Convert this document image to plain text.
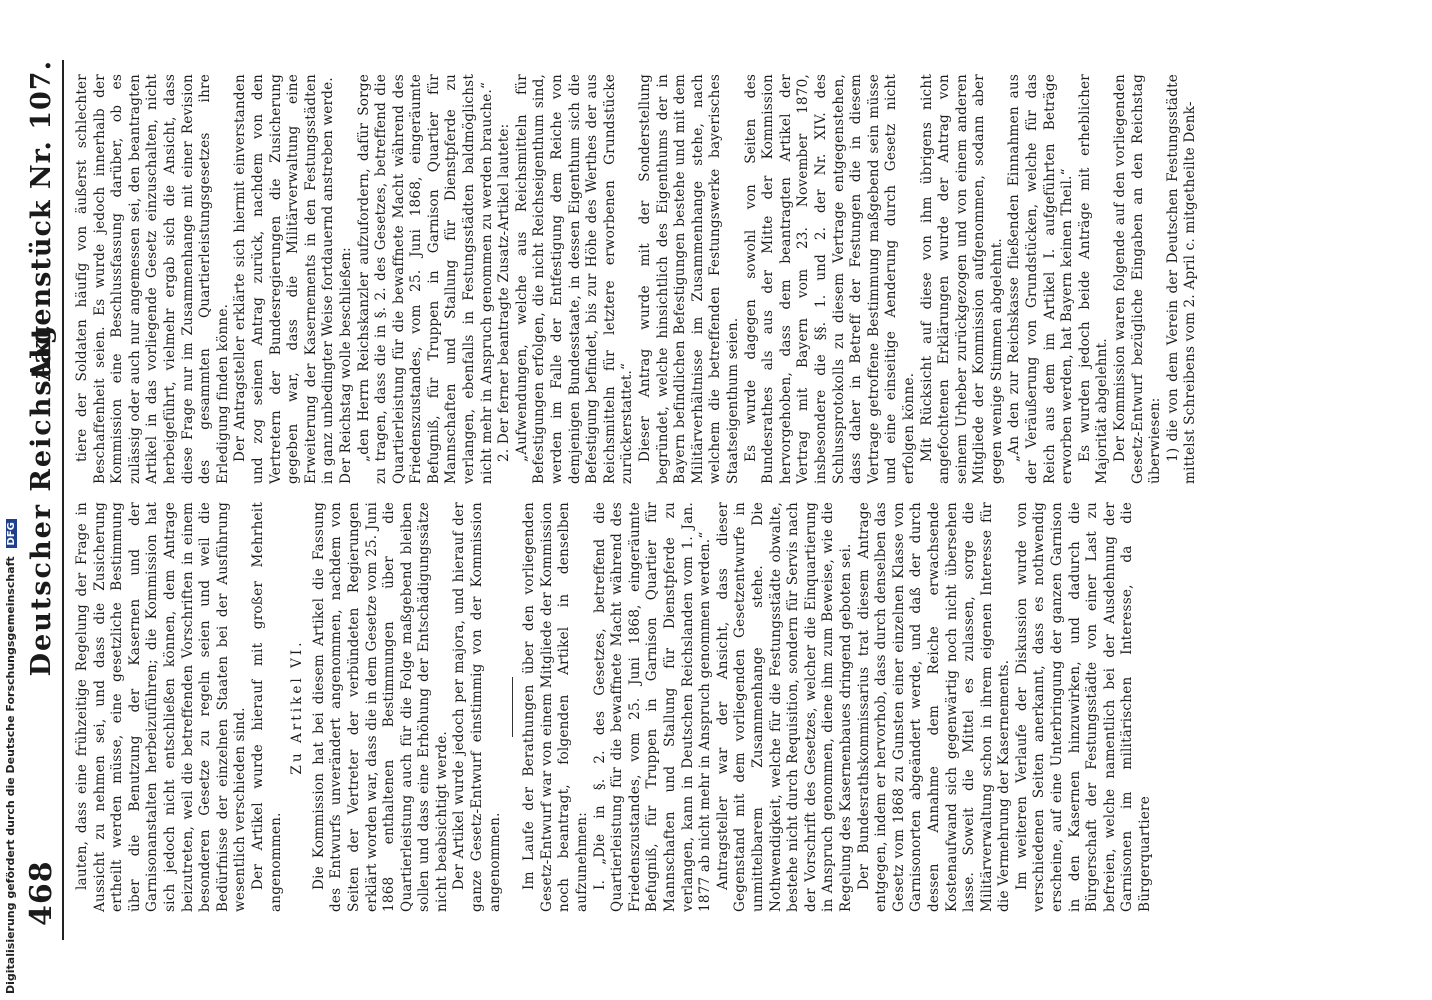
468
Deutscher Reichstag
Aktenstück Nr. 107.

lauten, dass eine frühzeitige Regelung der Frage in Aussicht zu nehmen sei, und dass die Zusicherung ertheilt werden müsse, eine gesetzliche Bestimmung über die Benutzung der Kasernen und der Garnisonanstalten herbeizuführen; die Kommission hat sich jedoch nicht entschließen können, dem Antrage beizutreten, weil die betreffenden Vorschriften in einem besonderen Gesetze zu regeln seien und weil die Bedürfnisse der einzelnen Staaten bei der Ausführung wesentlich verschieden sind. Der Artikel wurde hierauf mit großer Mehrheit angenommen.

Zu Artikel VI. Die Kommission hat bei diesem Artikel die Fassung des Entwurfs unverändert angenommen, nachdem von Seiten der Vertreter der verbündeten Regierungen erklärt worden war, dass die in dem Gesetze vom 25. Juni 1868 enthaltenen Bestimmungen über die Quartierleistung auch für die Folge maßgebend bleiben sollen und dass eine Erhöhung der Entschädigungssätze nicht beabsichtigt werde. Der Artikel wurde jedoch per majora, und hierauf der ganze Gesetz-Entwurf einstimmig von der Kommission angenommen. Im Laufe der Berathungen über den vorliegenden Gesetz-Entwurf war von einem Mitgliede der Kommission noch beantragt, folgenden Artikel in denselben aufzunehmen: I. „Die in §. 2. des Gesetzes, betreffend die Quartierleistung für die bewaffnete Macht während des Friedenszustandes, vom 25. Juni 1868, eingeräumte Befugniß, für Truppen in Garnison Quartier für Mannschaften und Stallung für Dienstpferde zu verlangen, kann in Deutschen Reichslanden vom 1. Jan. 1877 ab nicht mehr in Anspruch genommen werden.“ Antragsteller war der Ansicht, dass dieser Gegenstand mit dem vorliegenden Gesetzentwurfe in unmittelbarem Zusammenhange stehe. Die Nothwendigkeit, welche für die Festungsstädte obwalte, bestehe nicht durch Requisition, sondern für Servis nach der Vorschrift des Gesetzes, welcher die Einquartierung in Anspruch genommen, diene ihm zum Beweise, wie die Regelung des Kasernenbaues dringend geboten sei. Der Bundesrathskommissarius trat diesem Antrage entgegen, indem er hervorhob, dass durch denselben das Gesetz vom 1868 zu Gunsten einer einzelnen Klasse von Garnisonorten abgeändert werde, und daß der durch dessen Annahme dem Reiche erwachsende Kostenaufwand sich gegenwärtig noch nicht übersehen lasse. Soweit die Mittel es zulassen, sorge die Militärverwaltung schon in ihrem eigenen Interesse für die Vermehrung der Kasernements. Im weiteren Verlaufe der Diskussion wurde von verschiedenen Seiten anerkannt, dass es nothwendig erscheine, auf eine Unterbringung der ganzen Garnison in den Kasernen hinzuwirken, und dadurch die Bürgerschaft der Festungsstädte von einer Last zu befreien, welche namentlich bei der Ausdehnung der Garnisonen im militärischen Interesse, da die Bürgerquartiere

tiere der Soldaten häufig von äußerst schlechter Beschaffenheit seien. Es wurde jedoch innerhalb der Kommission eine Beschlussfassung darüber, ob es zulässig oder auch nur angemessen sei, den beantragten Artikel in das vorliegende Gesetz einzuschalten, nicht herbeigeführt, vielmehr ergab sich die Ansicht, dass diese Frage nur im Zusammenhange mit einer Revision des gesammten Quartierleistungsgesetzes ihre Erledigung finden könne. Der Antragsteller erklärte sich hiermit einverstanden und zog seinen Antrag zurück, nachdem von den Vertretern der Bundesregierungen die Zusicherung gegeben war, dass die Militärverwaltung eine Erweiterung der Kasernements in den Festungsstädten in ganz unbedingter Weise fortdauernd anstreben werde. Der Reichstag wolle beschließen: „den Herrn Reichskanzler aufzufordern, dafür Sorge zu tragen, dass die in §. 2. des Gesetzes, betreffend die Quartierleistung für die bewaffnete Macht während des Friedenszustandes, vom 25. Juni 1868, eingeräumte Befugniß, für Truppen in Garnison Quartier für Mannschaften und Stallung für Dienstpferde zu verlangen, ebenfalls in Festungsstädten baldmöglichst nicht mehr in Anspruch genommen zu werden brauche.“ 2. Der ferner beantragte Zusatz-Artikel lautete: „Aufwendungen, welche aus Reichsmitteln für Befestigungen erfolgen, die nicht Reichseigenthum sind, werden im Falle der Entfestigung dem Reiche von demjenigen Bundesstaate, in dessen Eigenthum sich die Befestigung befindet, bis zur Höhe des Werthes der aus Reichsmitteln für letztere erworbenen Grundstücke zurückerstattet.“ Dieser Antrag wurde mit der Sonderstellung begründet, welche hinsichtlich des Eigenthums der in Bayern befindlichen Befestigungen bestehe und mit dem Militärverhältnisse im Zusammenhange stehe, nach welchem die betreffenden Festungswerke bayerisches Staatseigenthum seien. Es wurde dagegen sowohl von Seiten des Bundesrathes als aus der Mitte der Kommission hervorgehoben, dass dem beantragten Artikel der Vertrag mit Bayern vom 23. November 1870, insbesondere die §§. 1. und 2. der Nr. XIV. des Schlussprotokolls zu diesem Vertrage entgegenstehen, dass daher in Betreff der Festungen die in diesem Vertrage getroffene Bestimmung maßgebend sein müsse und eine einseitige Aenderung durch Gesetz nicht erfolgen könne. Mit Rücksicht auf diese von ihm übrigens nicht angefochtenen Erklärungen wurde der Antrag von seinem Urheber zurückgezogen und von einem anderen Mitgliede der Kommission aufgenommen, sodann aber gegen wenige Stimmen abgelehnt. „An den zur Reichskasse fließenden Einnahmen aus der Veräußerung von Grundstücken, welche für das Reich aus dem im Artikel I. aufgeführten Beträge erworben werden, hat Bayern keinen Theil.“ Es wurden jedoch beide Anträge mit erheblicher Majorität abgelehnt. Der Kommission waren folgende auf den vorliegenden Gesetz-Entwurf bezügliche Eingaben an den Reichstag überwiesen: 1) die von dem Verein der Deutschen Festungsstädte mittelst Schreibens vom 2. April c. mitgetheilte Denk-

Digitalisierung gefördert durch die Deutsche Forschungsgemeinschaft DFG
